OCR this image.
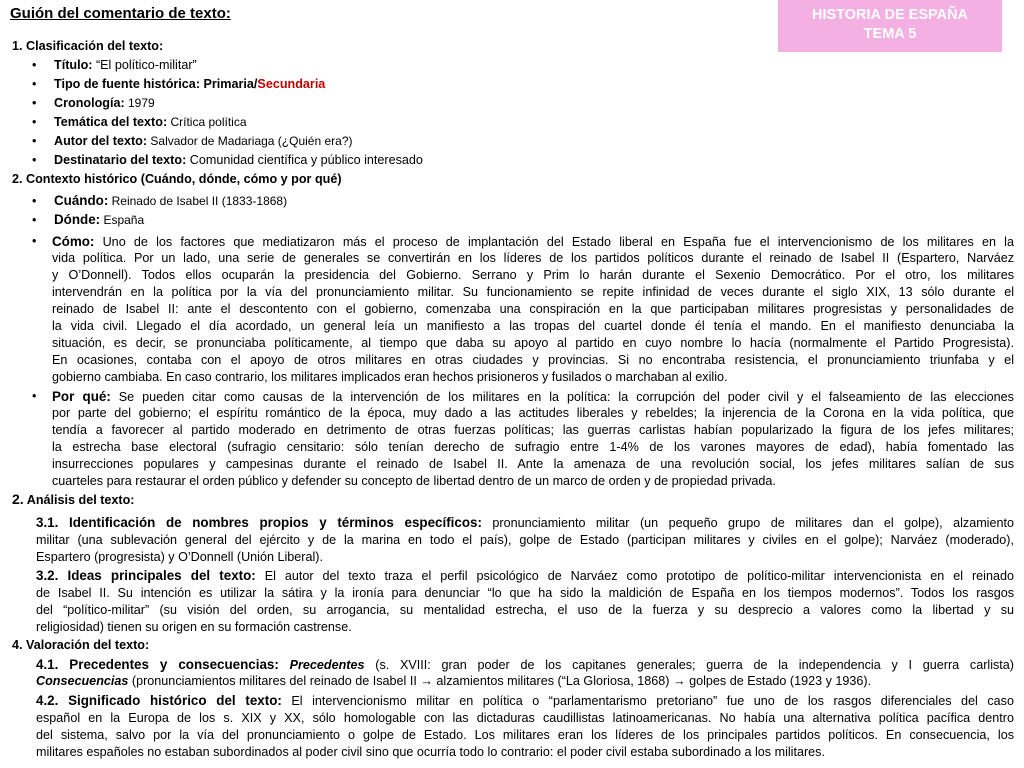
Guión del comentario de texto:	HISTORIA DE ESPAÑA
TEMA 5
1. Clasificación del texto:
• Título: “El político-militar”
• Tipo de fuente histórica: Primaria/Secundaria
• Cronología: 1979
• Temática del texto: Crítica política
• Autor del texto: Salvador de Madariaga (¿Quién era?)
• Destinatario del texto: Comunidad científica y público interesado
2. Contexto histórico (Cuándo, dónde, cómo y por qué)
• Cuándo: Reinado de Isabel II (1833-1868)
• Dónde: España
•	Cómo: Uno de los factores que mediatizaron más el proceso de implantación del Estado liberal en España fue el intervencionismo de los militares en la
vida política. Por un lado, una serie de generales se convertirán en los líderes de los partidos políticos durante el reinado de Isabel II (Espartero, Narváez
y O’Donnell). Todos ellos ocuparán la presidencia del Gobierno. Serrano y Prim lo harán durante el Sexenio Democrático. Por el otro, los militares
intervendrán en la política por la vía del pronunciamiento militar. Su funcionamiento se repite infinidad de veces durante el siglo XIX, 13 sólo durante el
reinado de Isabel II: ante el descontento con el gobierno, comenzaba una conspiración en la que participaban militares progresistas y personalidades de
la vida civil. Llegado el día acordado, un general leía un manifiesto a las tropas del cuartel donde él tenía el mando. En el manifiesto denunciaba la
situación, es decir, se pronunciaba políticamente, al tiempo que daba su apoyo al partido en cuyo nombre lo hacía (normalmente el Partido Progresista).
En ocasiones, contaba con el apoyo de otros militares en otras ciudades y provincias. Si no encontraba resistencia, el pronunciamiento triunfaba y el
gobierno cambiaba. En caso contrario, los militares implicados eran hechos prisioneros y fusilados o marchaban al exilio.
•	Por qué: Se pueden citar como causas de la intervención de los militares en la política: la corrupción del poder civil y el falseamiento de las elecciones
por parte del gobierno; el espíritu romántico de la época, muy dado a las actitudes liberales y rebeldes; la injerencia de la Corona en la vida política, que
tendía a favorecer al partido moderado en detrimento de otras fuerzas políticas; las guerras carlistas habían popularizado la figura de los jefes militares;
la estrecha base electoral (sufragio censitario: sólo tenían derecho de sufragio entre 1-4% de los varones mayores de edad), había fomentado las
insurrecciones populares y campesinas durante el reinado de Isabel II. Ante la amenaza de una revolución social, los jefes militares salían de sus
cuarteles para restaurar el orden público y defender su concepto de libertad dentro de un marco de orden y de propiedad privada.
2. Análisis del texto:
3.1. Identificación de nombres propios y términos específicos: pronunciamiento militar (un pequeño grupo de militares dan el golpe), alzamiento
militar (una sublevación general del ejército y de la marina en todo el país), golpe de Estado (participan militares y civiles en el golpe); Narváez (moderado),
Espartero (progresista) y O’Donnell (Unión Liberal).
3.2. Ideas principales del texto: El autor del texto traza el perfil psicológico de Narváez como prototipo de político-militar intervencionista en el reinado
de Isabel II. Su intención es utilizar la sátira y la ironía para denunciar “lo que ha sido la maldición de España en los tiempos modernos”. Todos los rasgos
del “político-militar” (su visión del orden, su arrogancia, su mentalidad estrecha, el uso de la fuerza y su desprecio a valores como la libertad y su
religiosidad) tienen su origen en su formación castrense.
4. Valoración del texto:
4.1. Precedentes y consecuencias: Precedentes (s. XVIII: gran poder de los capitanes generales; guerra de la independencia y I guerra carlista)
Consecuencias (pronunciamientos militares del reinado de Isabel II → alzamientos militares (“La Gloriosa, 1868) → golpes de Estado (1923 y 1936).
4.2. Significado histórico del texto: El intervencionismo militar en política o “parlamentarismo pretoriano” fue uno de los rasgos diferenciales del caso
español en la Europa de los s. XIX y XX, sólo homologable con las dictaduras caudillistas latinoamericanas. No había una alternativa política pacífica dentro
del sistema, salvo por la vía del pronunciamiento o golpe de Estado. Los militares eran los líderes de los principales partidos políticos. En consecuencia, los
militares españoles no estaban subordinados al poder civil sino que ocurría todo lo contrario: el poder civil estaba subordinado a los militares.
